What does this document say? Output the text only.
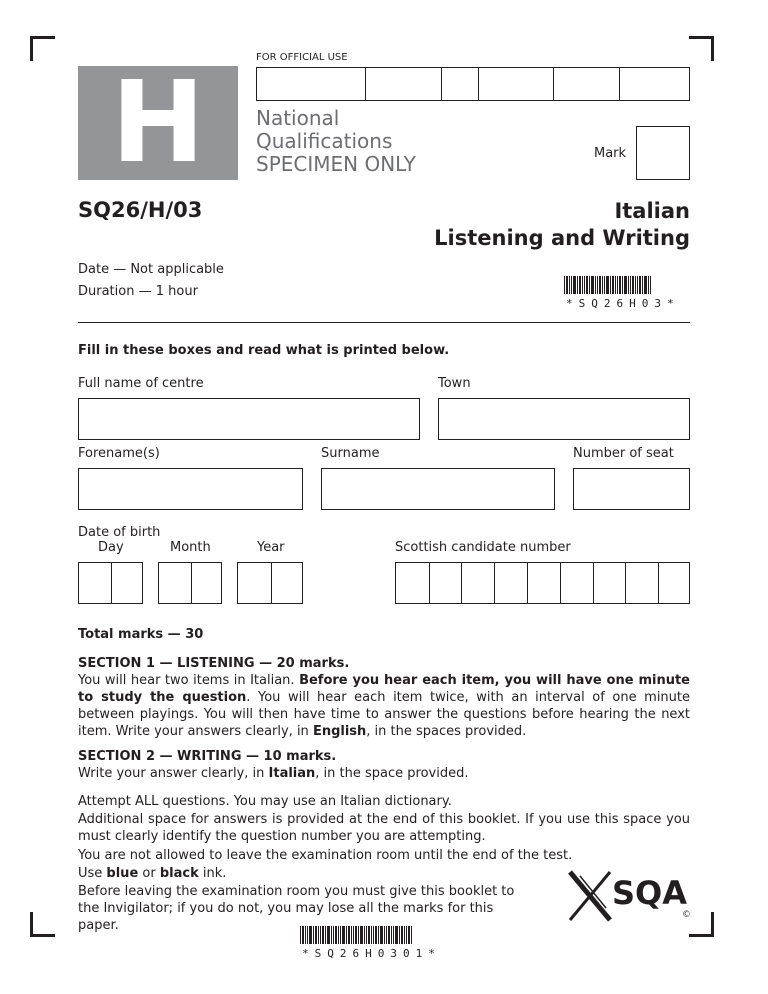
H
FOR OFFICIAL USE
National
Qualifications
SPECIMEN ONLY	Mark
SQ26/H/03	Italian
Listening and Writing
Date — Not applicable
Duration — 1 hour
*SQ26H03*
Fill in these boxes and read what is printed below.
Full name of centre	Town
Forename(s)	Surname	Number of seat
Date of birth
Day	Month	Year	Scottish candidate number
Total marks — 30

SECTION 1 — LISTENING — 20 marks.

You will hear two items in Italian. Before you hear each item, you will have one minute to study the question. You will hear each item twice, with an interval of one minute between playings. You will then have time to answer the questions before hearing the next item. Write your answers clearly, in English, in the spaces provided.

SECTION 2 — WRITING — 10 marks.

Write your answer clearly, in Italian, in the space provided.

Attempt ALL questions. You may use an Italian dictionary.
Additional space for answers is provided at the end of this booklet. If you use this space you must clearly identify the question number you are attempting.
You are not allowed to leave the examination room until the end of the test.
Use blue or black ink.
Before leaving the examination room you must give this booklet to the Invigilator; if you do not, you may lose all the marks for this paper.
SQA
©
*SQ26H0301*
